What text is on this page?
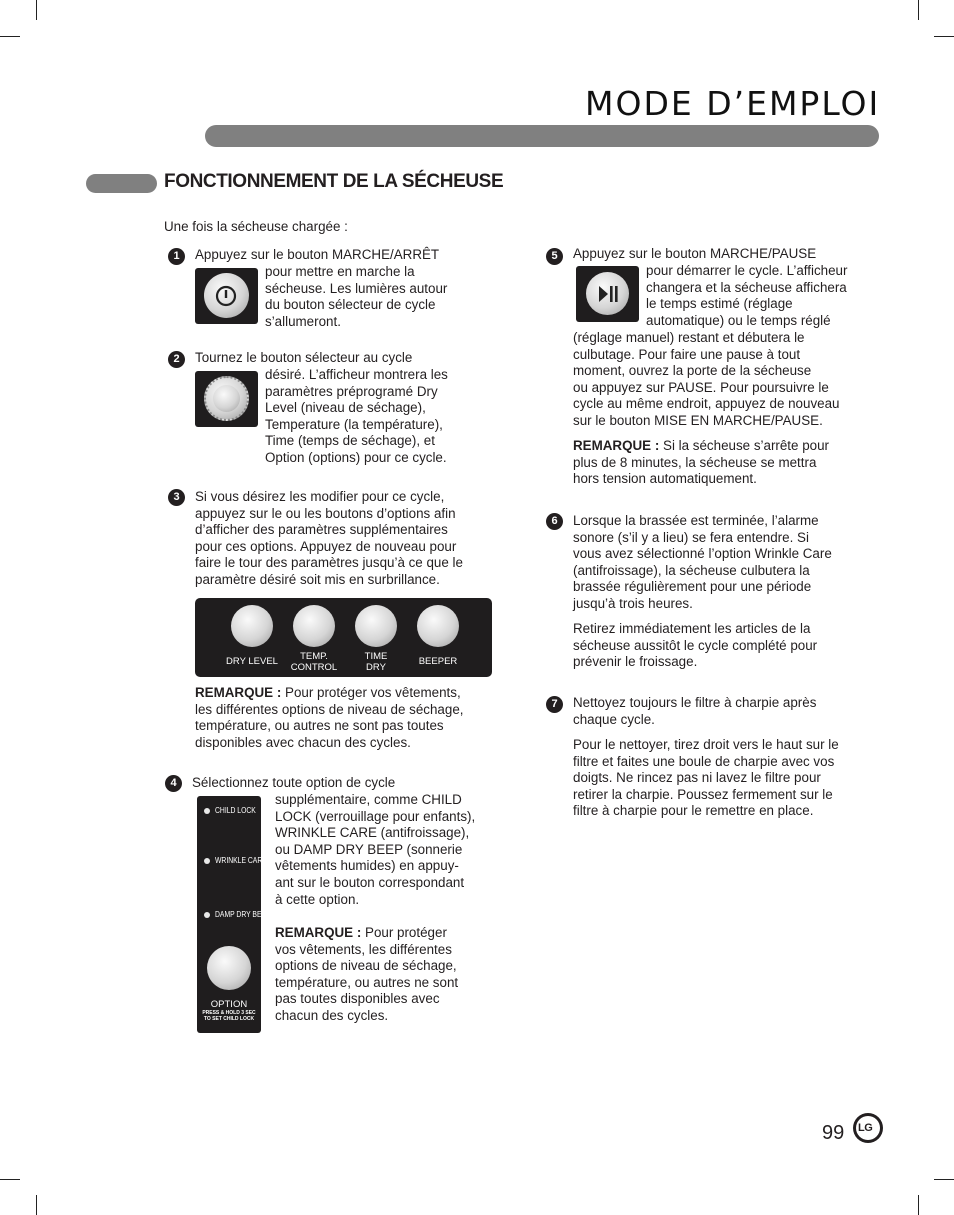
MODE D’EMPLOI
FONCTIONNEMENT DE LA SÉCHEUSE
Une fois la sécheuse chargée :
1	Appuyez sur le bouton MARCHE/ARRÊT
pour mettre en marche la
sécheuse. Les lumières autour
du bouton sélecteur de cycle
s’allumeront.
2	Tournez le bouton sélecteur au cycle
désiré. L’afficheur montrera les
paramètres préprogramé Dry
Level (niveau de séchage),
Temperature (la température),
Time (temps de séchage), et
Option (options) pour ce cycle.
3	Si vous désirez les modifier pour ce cycle,
appuyez sur le ou les boutons d’options afin
d’afficher des paramètres supplémentaires
pour ces options. Appuyez de nouveau pour
faire le tour des paramètres jusqu’à ce que le
paramètre désiré soit mis en surbrillance.
DRY LEVEL	TEMP.
CONTROL
TIME
DRY	BEEPER
REMARQUE : Pour protéger vos vêtements,
les différentes options de niveau de séchage,
température, ou autres ne sont pas toutes
disponibles avec chacun des cycles.
4	Sélectionnez toute option de cycle
CHILD LOCK
WRINKLE CARE
DAMP DRY BEEP
OPTION
PRESS & HOLD 3 SEC
TO SET CHILD LOCK
supplémentaire, comme CHILD
LOCK (verrouillage pour enfants),
WRINKLE CARE (antifroissage),
ou DAMP DRY BEEP (sonnerie
vêtements humides) en appuy-
ant sur le bouton correspondant
à cette option.
REMARQUE : Pour protéger
vos vêtements, les différentes
options de niveau de séchage,
température, ou autres ne sont
pas toutes disponibles avec
chacun des cycles.
5	Appuyez sur le bouton MARCHE/PAUSE
pour démarrer le cycle. L’afficheur
changera et la sécheuse affichera
le temps estimé (réglage
automatique) ou le temps réglé
(réglage manuel) restant et débutera le
culbutage. Pour faire une pause à tout
moment, ouvrez la porte de la sécheuse
ou appuyez sur PAUSE. Pour poursuivre le
cycle au même endroit, appuyez de nouveau
sur le bouton MISE EN MARCHE/PAUSE.
REMARQUE : Si la sécheuse s’arrête pour
plus de 8 minutes, la sécheuse se mettra
hors tension automatiquement.
6	Lorsque la brassée est terminée, l’alarme
sonore (s’il y a lieu) se fera entendre. Si
vous avez sélectionné l’option Wrinkle Care
(antifroissage), la sécheuse culbutera la
brassée régulièrement pour une période
jusqu’à trois heures.
Retirez immédiatement les articles de la
sécheuse aussitôt le cycle complété pour
prévenir le froissage.
7	Nettoyez toujours le filtre à charpie après
chaque cycle.
Pour le nettoyer, tirez droit vers le haut sur le
filtre et faites une boule de charpie avec vos
doigts. Ne rincez pas ni lavez le filtre pour
retirer la charpie. Poussez fermement sur le
filtre à charpie pour le remettre en place.
99 LG
